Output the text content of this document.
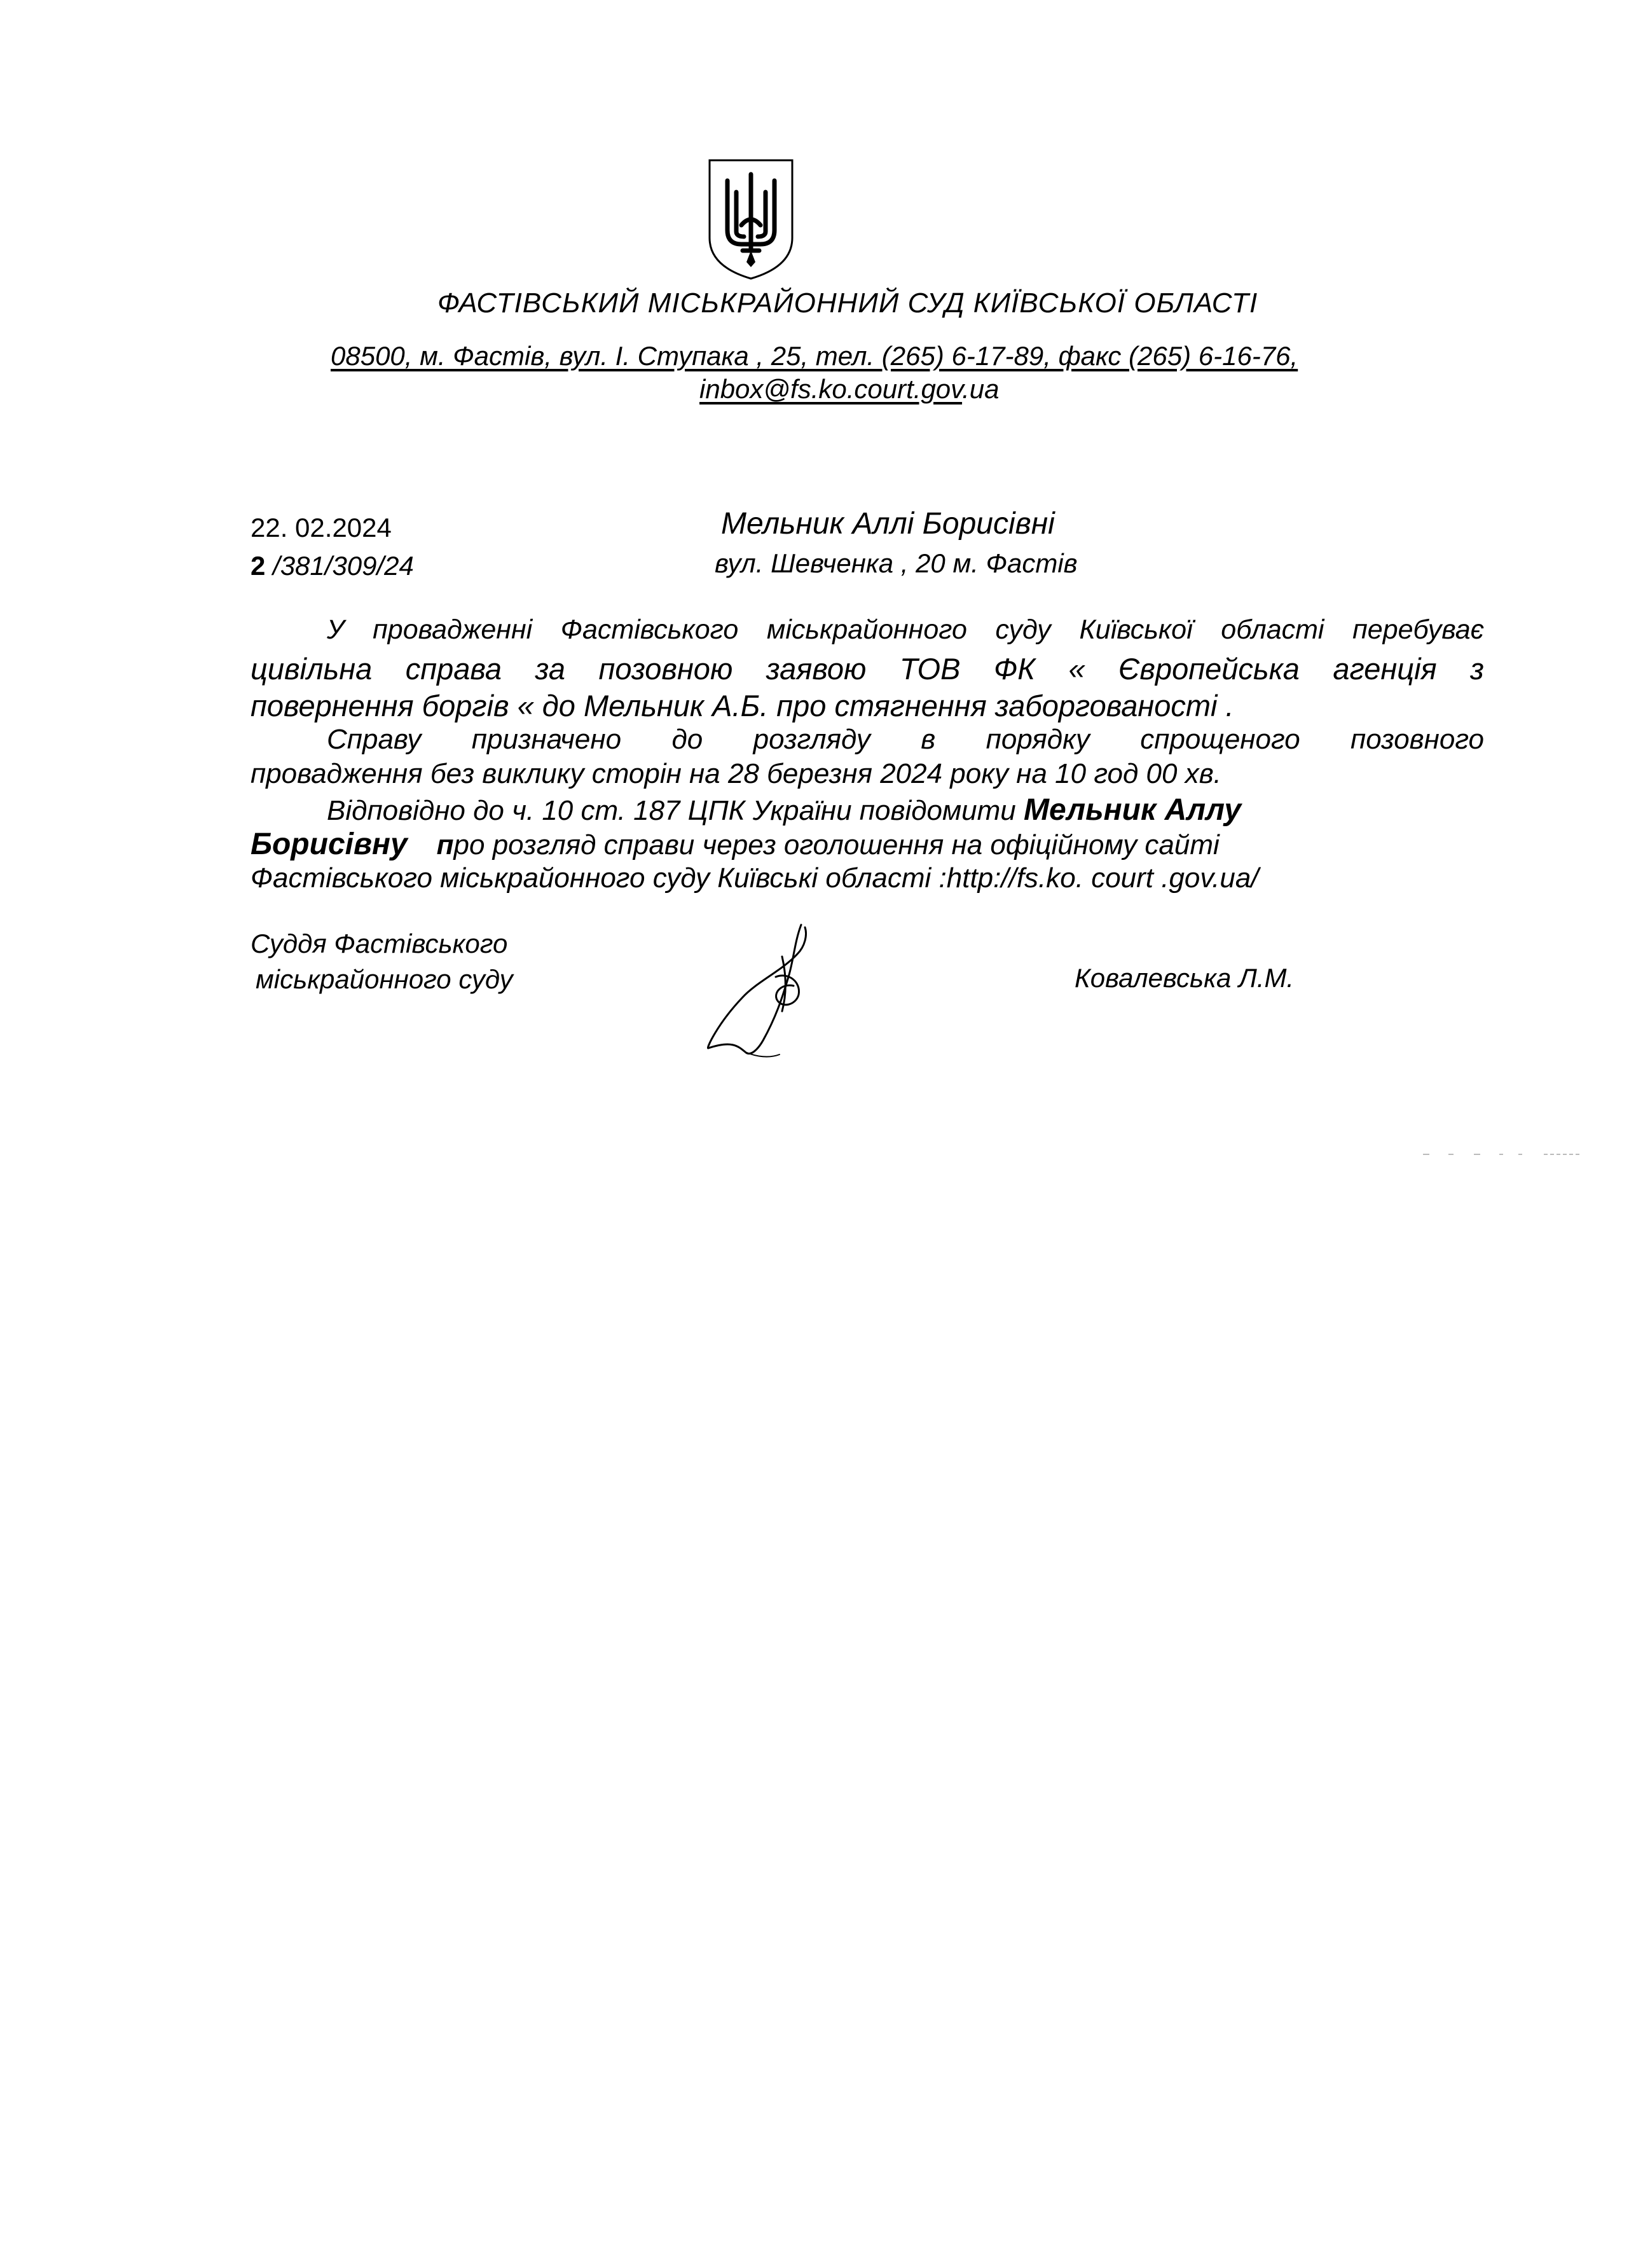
ФАСТІВСЬКИЙ МІСЬКРАЙОННИЙ СУД КИЇВСЬКОЇ ОБЛАСТІ
08500, м. Фастів, вул. І. Ступака , 25, тел. (265) 6-17-89, факс (265) 6-16-76,
inbox@fs.ko.court.gov.ua
22. 02.2024
2 /381/309/24
Мельник Аллі Борисівні
вул. Шевченка , 20 м. Фастів
У провадженні Фастівського міськрайонного суду Київської області перебуває
цивільна справа за позовною заявою ТОВ ФК « Європейська агенція з
повернення боргів « до Мельник А.Б. про стягнення заборгованості .
Справу призначено до розгляду в порядку спрощеного позовного
провадження без виклику сторін на 28 березня 2024 року на 10 год 00 хв.
Відповідно до ч. 10 ст. 187 ЦПК України повідомити Мельник Аллу
Борисівну про розгляд справи через оголошення на офіційному сайті
Фастівського міськрайонного суду Київські області :http://fs.ko. court .gov.ua/
Суддя Фастівського
міськрайонного суду	Ковалевська Л.М.
